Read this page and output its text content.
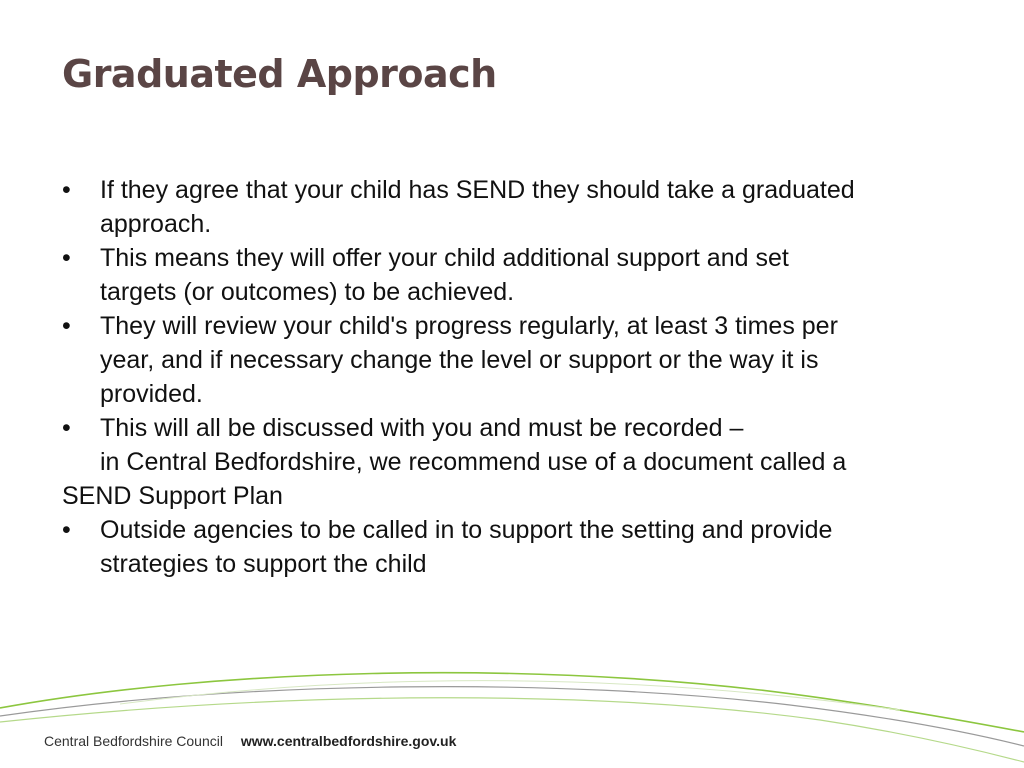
Graduated Approach
• If they agree that your child has SEND they should take a graduated
approach.
• This means they will offer your child additional support and set
targets (or outcomes) to be achieved.
• They will review your child's progress regularly, at least 3 times per
year, and if necessary change the level or support or the way it is
provided.
• This will all be discussed with you and must be recorded –
in Central Bedfordshire, we recommend use of a document called a
SEND Support Plan
• Outside agencies to be called in to support the setting and provide
strategies to support the child
Central Bedfordshire Council www.centralbedfordshire.gov.uk
